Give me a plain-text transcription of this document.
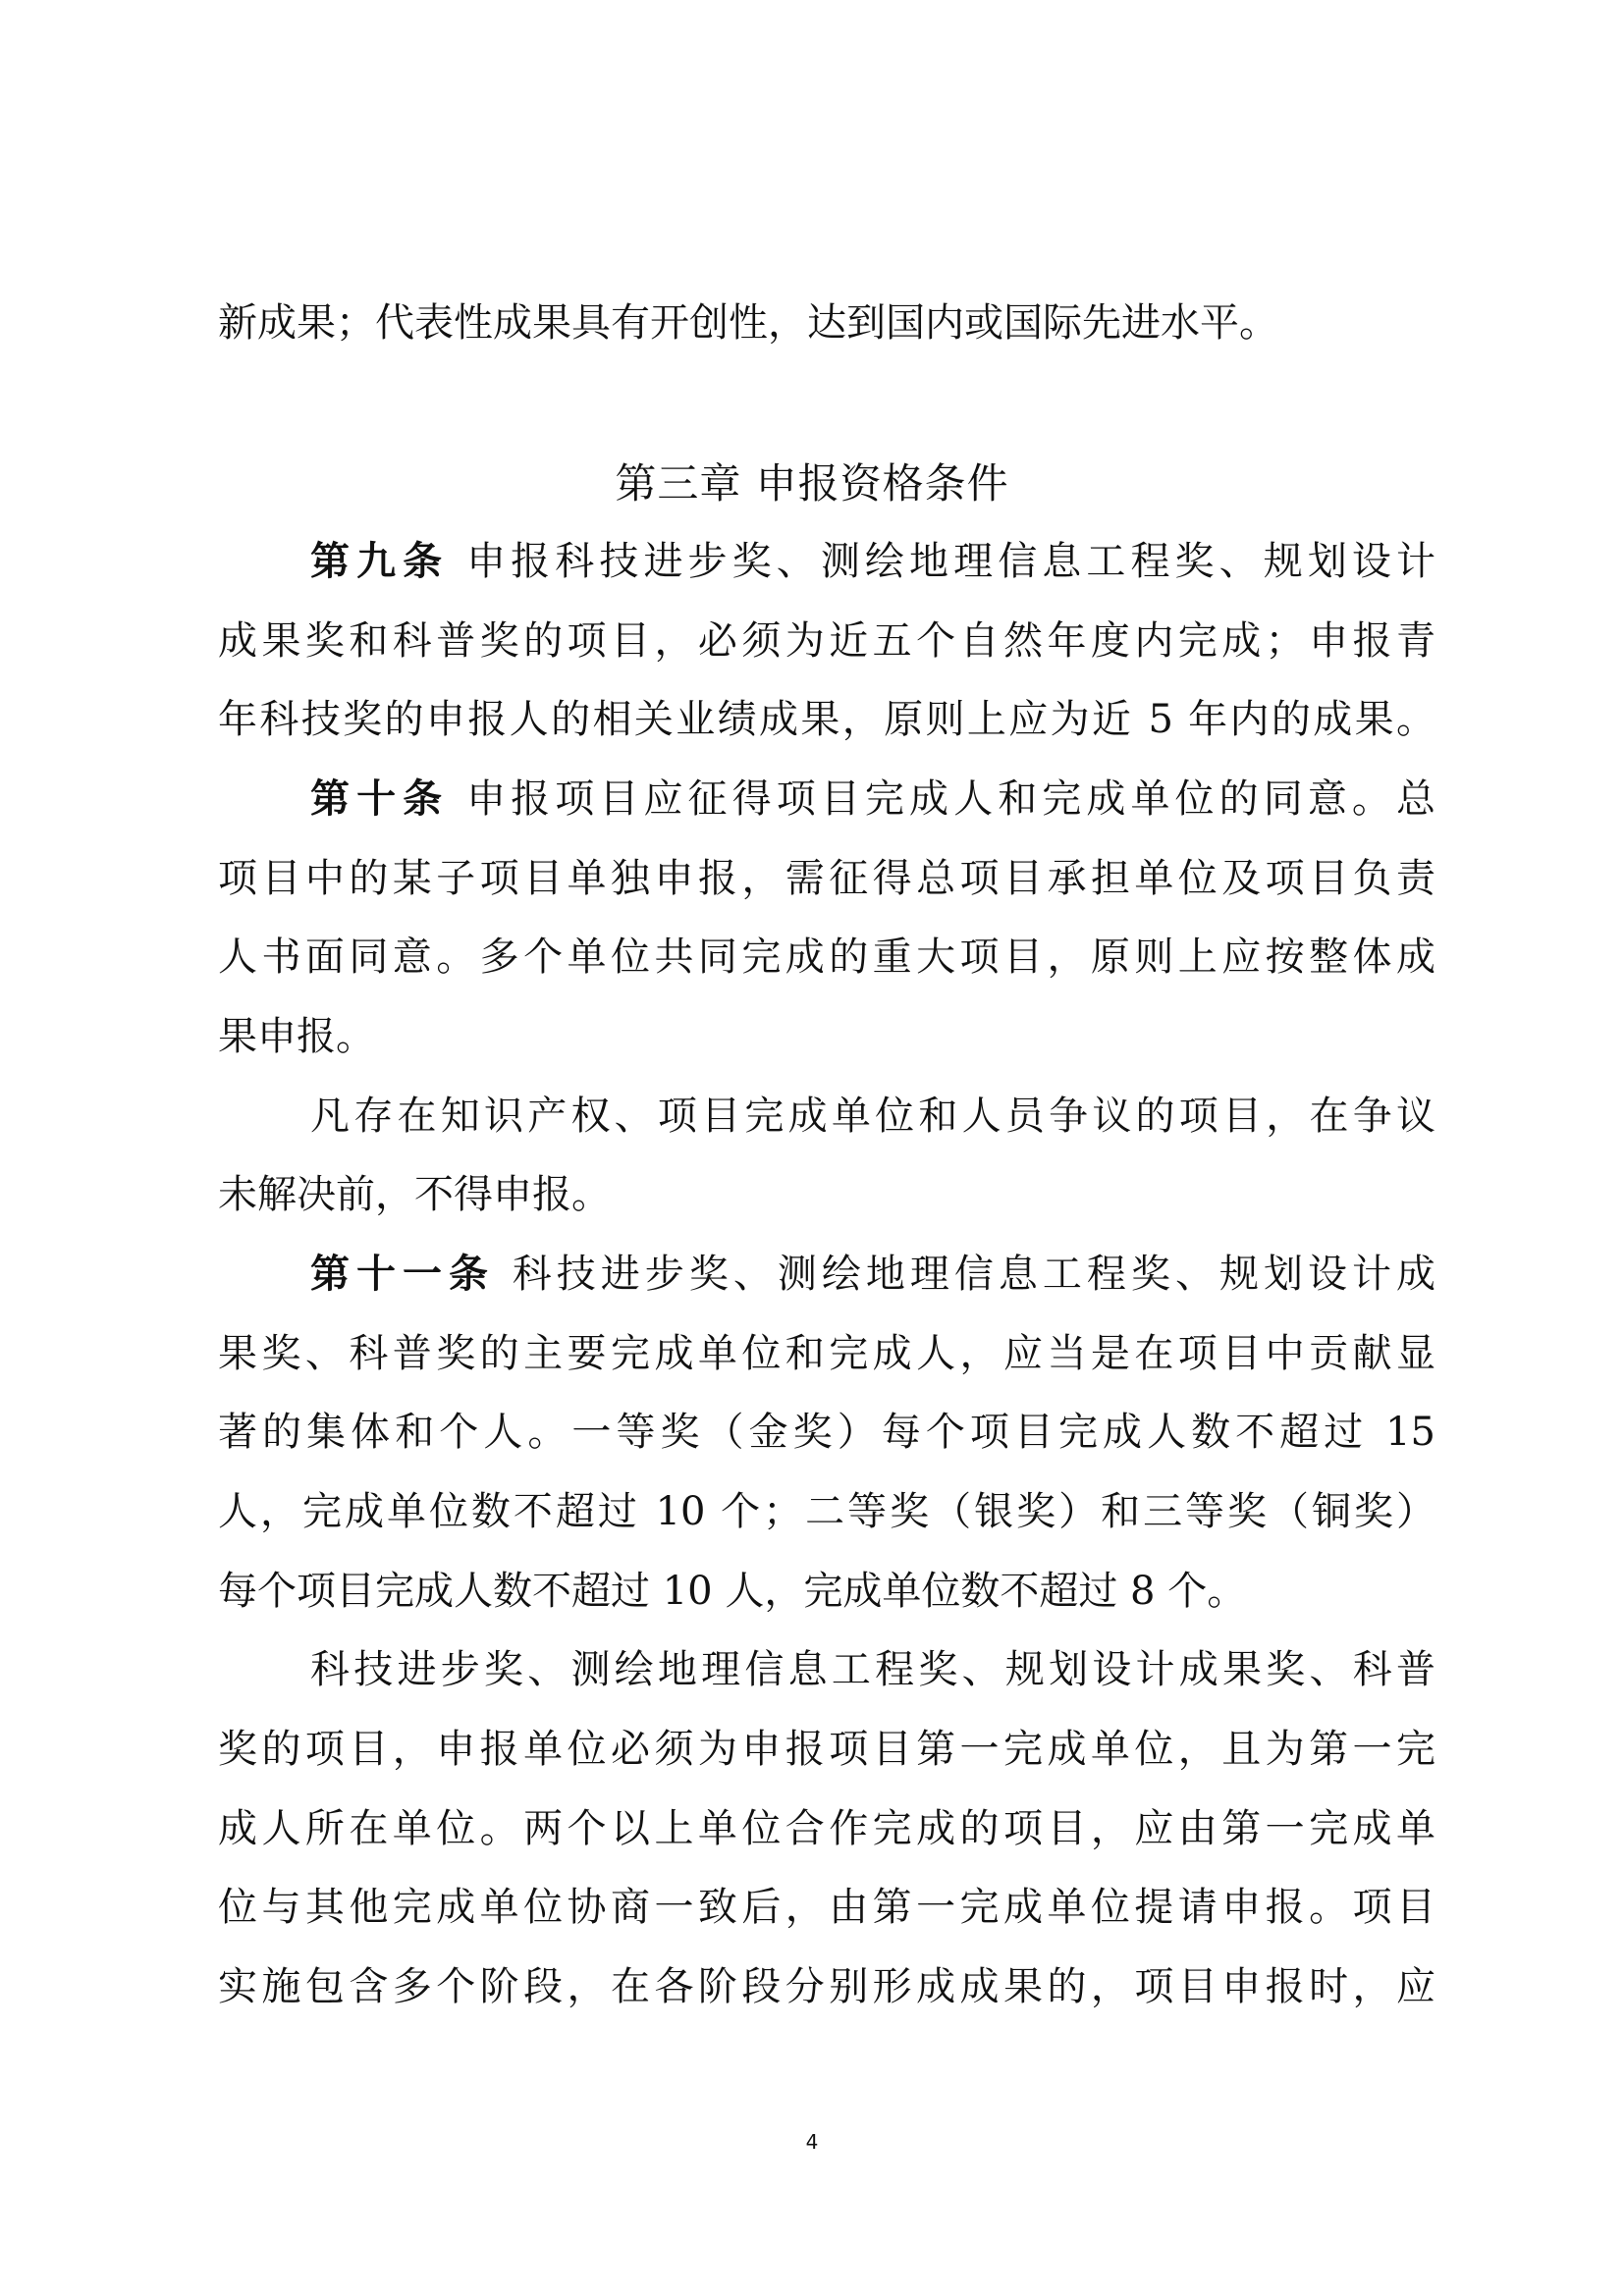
新成果；代表性成果具有开创性，达到国内或国际先进水平。
第三章 申报资格条件
第九条 申报科技进步奖、测绘地理信息工程奖、规划设计
成果奖和科普奖的项目，必须为近五个自然年度内完成；申报青
年科技奖的申报人的相关业绩成果，原则上应为近 5 年内的成果。
第十条 申报项目应征得项目完成人和完成单位的同意。总
项目中的某子项目单独申报，需征得总项目承担单位及项目负责
人书面同意。多个单位共同完成的重大项目，原则上应按整体成
果申报。
凡存在知识产权、项目完成单位和人员争议的项目，在争议
未解决前，不得申报。
第十一条 科技进步奖、测绘地理信息工程奖、规划设计成
果奖、科普奖的主要完成单位和完成人，应当是在项目中贡献显
著的集体和个人。一等奖（金奖）每个项目完成人数不超过 15
人，完成单位数不超过 10 个；二等奖（银奖）和三等奖（铜奖）
每个项目完成人数不超过 10 人，完成单位数不超过 8 个。
科技进步奖、测绘地理信息工程奖、规划设计成果奖、科普
奖的项目，申报单位必须为申报项目第一完成单位，且为第一完
成人所在单位。两个以上单位合作完成的项目，应由第一完成单
位与其他完成单位协商一致后，由第一完成单位提请申报。项目
实施包含多个阶段，在各阶段分别形成成果的，项目申报时，应
4
